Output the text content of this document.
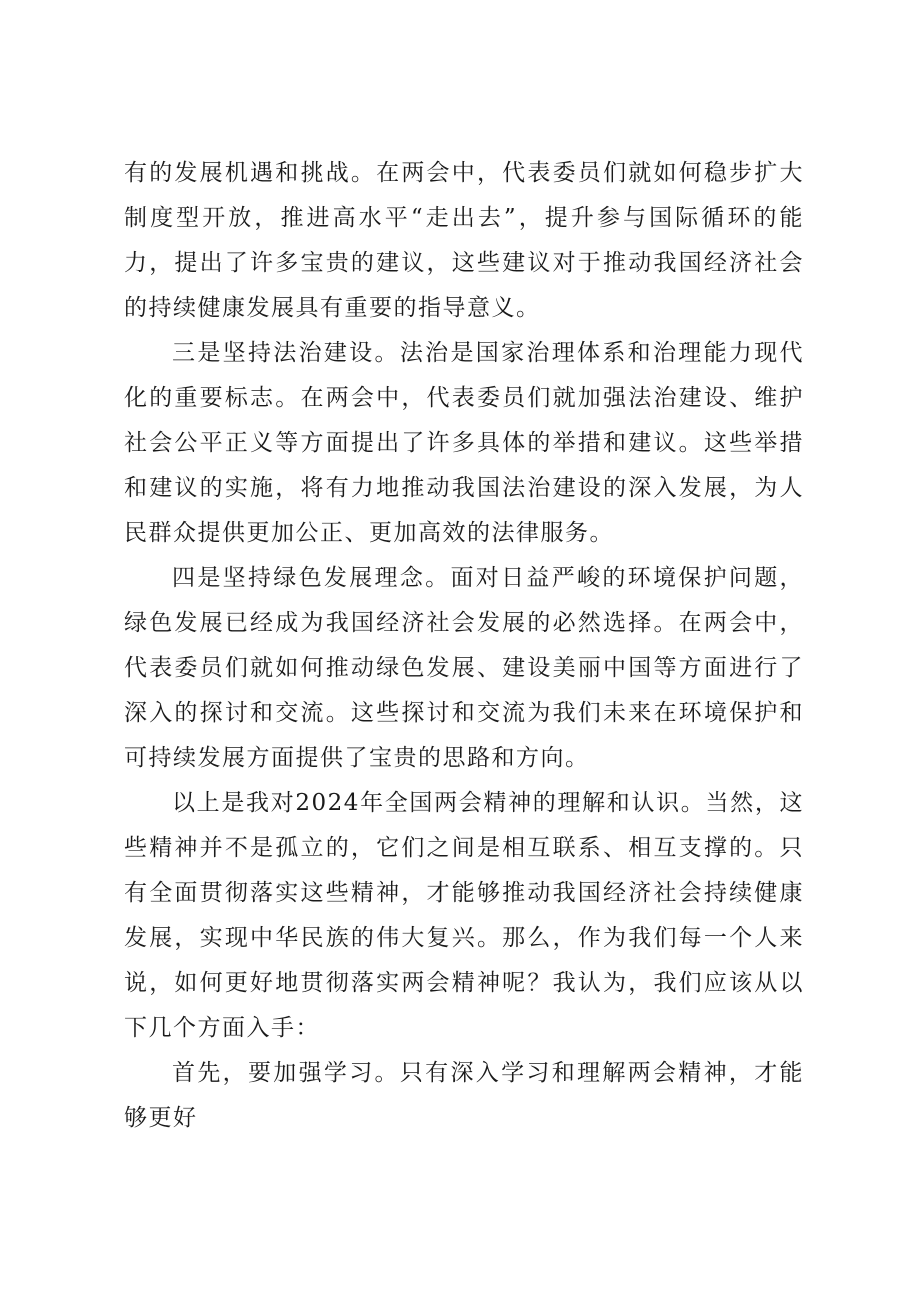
有的发展机遇和挑战。在两会中，代表委员们就如何稳步扩大制度型开放，推进高水平“走出去”，提升参与国际循环的能力，提出了许多宝贵的建议，这些建议对于推动我国经济社会的持续健康发展具有重要的指导意义。

三是坚持法治建设。法治是国家治理体系和治理能力现代化的重要标志。在两会中，代表委员们就加强法治建设、维护社会公平正义等方面提出了许多具体的举措和建议。这些举措和建议的实施，将有力地推动我国法治建设的深入发展，为人民群众提供更加公正、更加高效的法律服务。

四是坚持绿色发展理念。面对日益严峻的环境保护问题，绿色发展已经成为我国经济社会发展的必然选择。在两会中，代表委员们就如何推动绿色发展、建设美丽中国等方面进行了深入的探讨和交流。这些探讨和交流为我们未来在环境保护和可持续发展方面提供了宝贵的思路和方向。

以上是我对2024年全国两会精神的理解和认识。当然，这些精神并不是孤立的，它们之间是相互联系、相互支撑的。只有全面贯彻落实这些精神，才能够推动我国经济社会持续健康发展，实现中华民族的伟大复兴。那么，作为我们每一个人来说，如何更好地贯彻落实两会精神呢？我认为，我们应该从以下几个方面入手：

首先，要加强学习。只有深入学习和理解两会精神，才能够更好
